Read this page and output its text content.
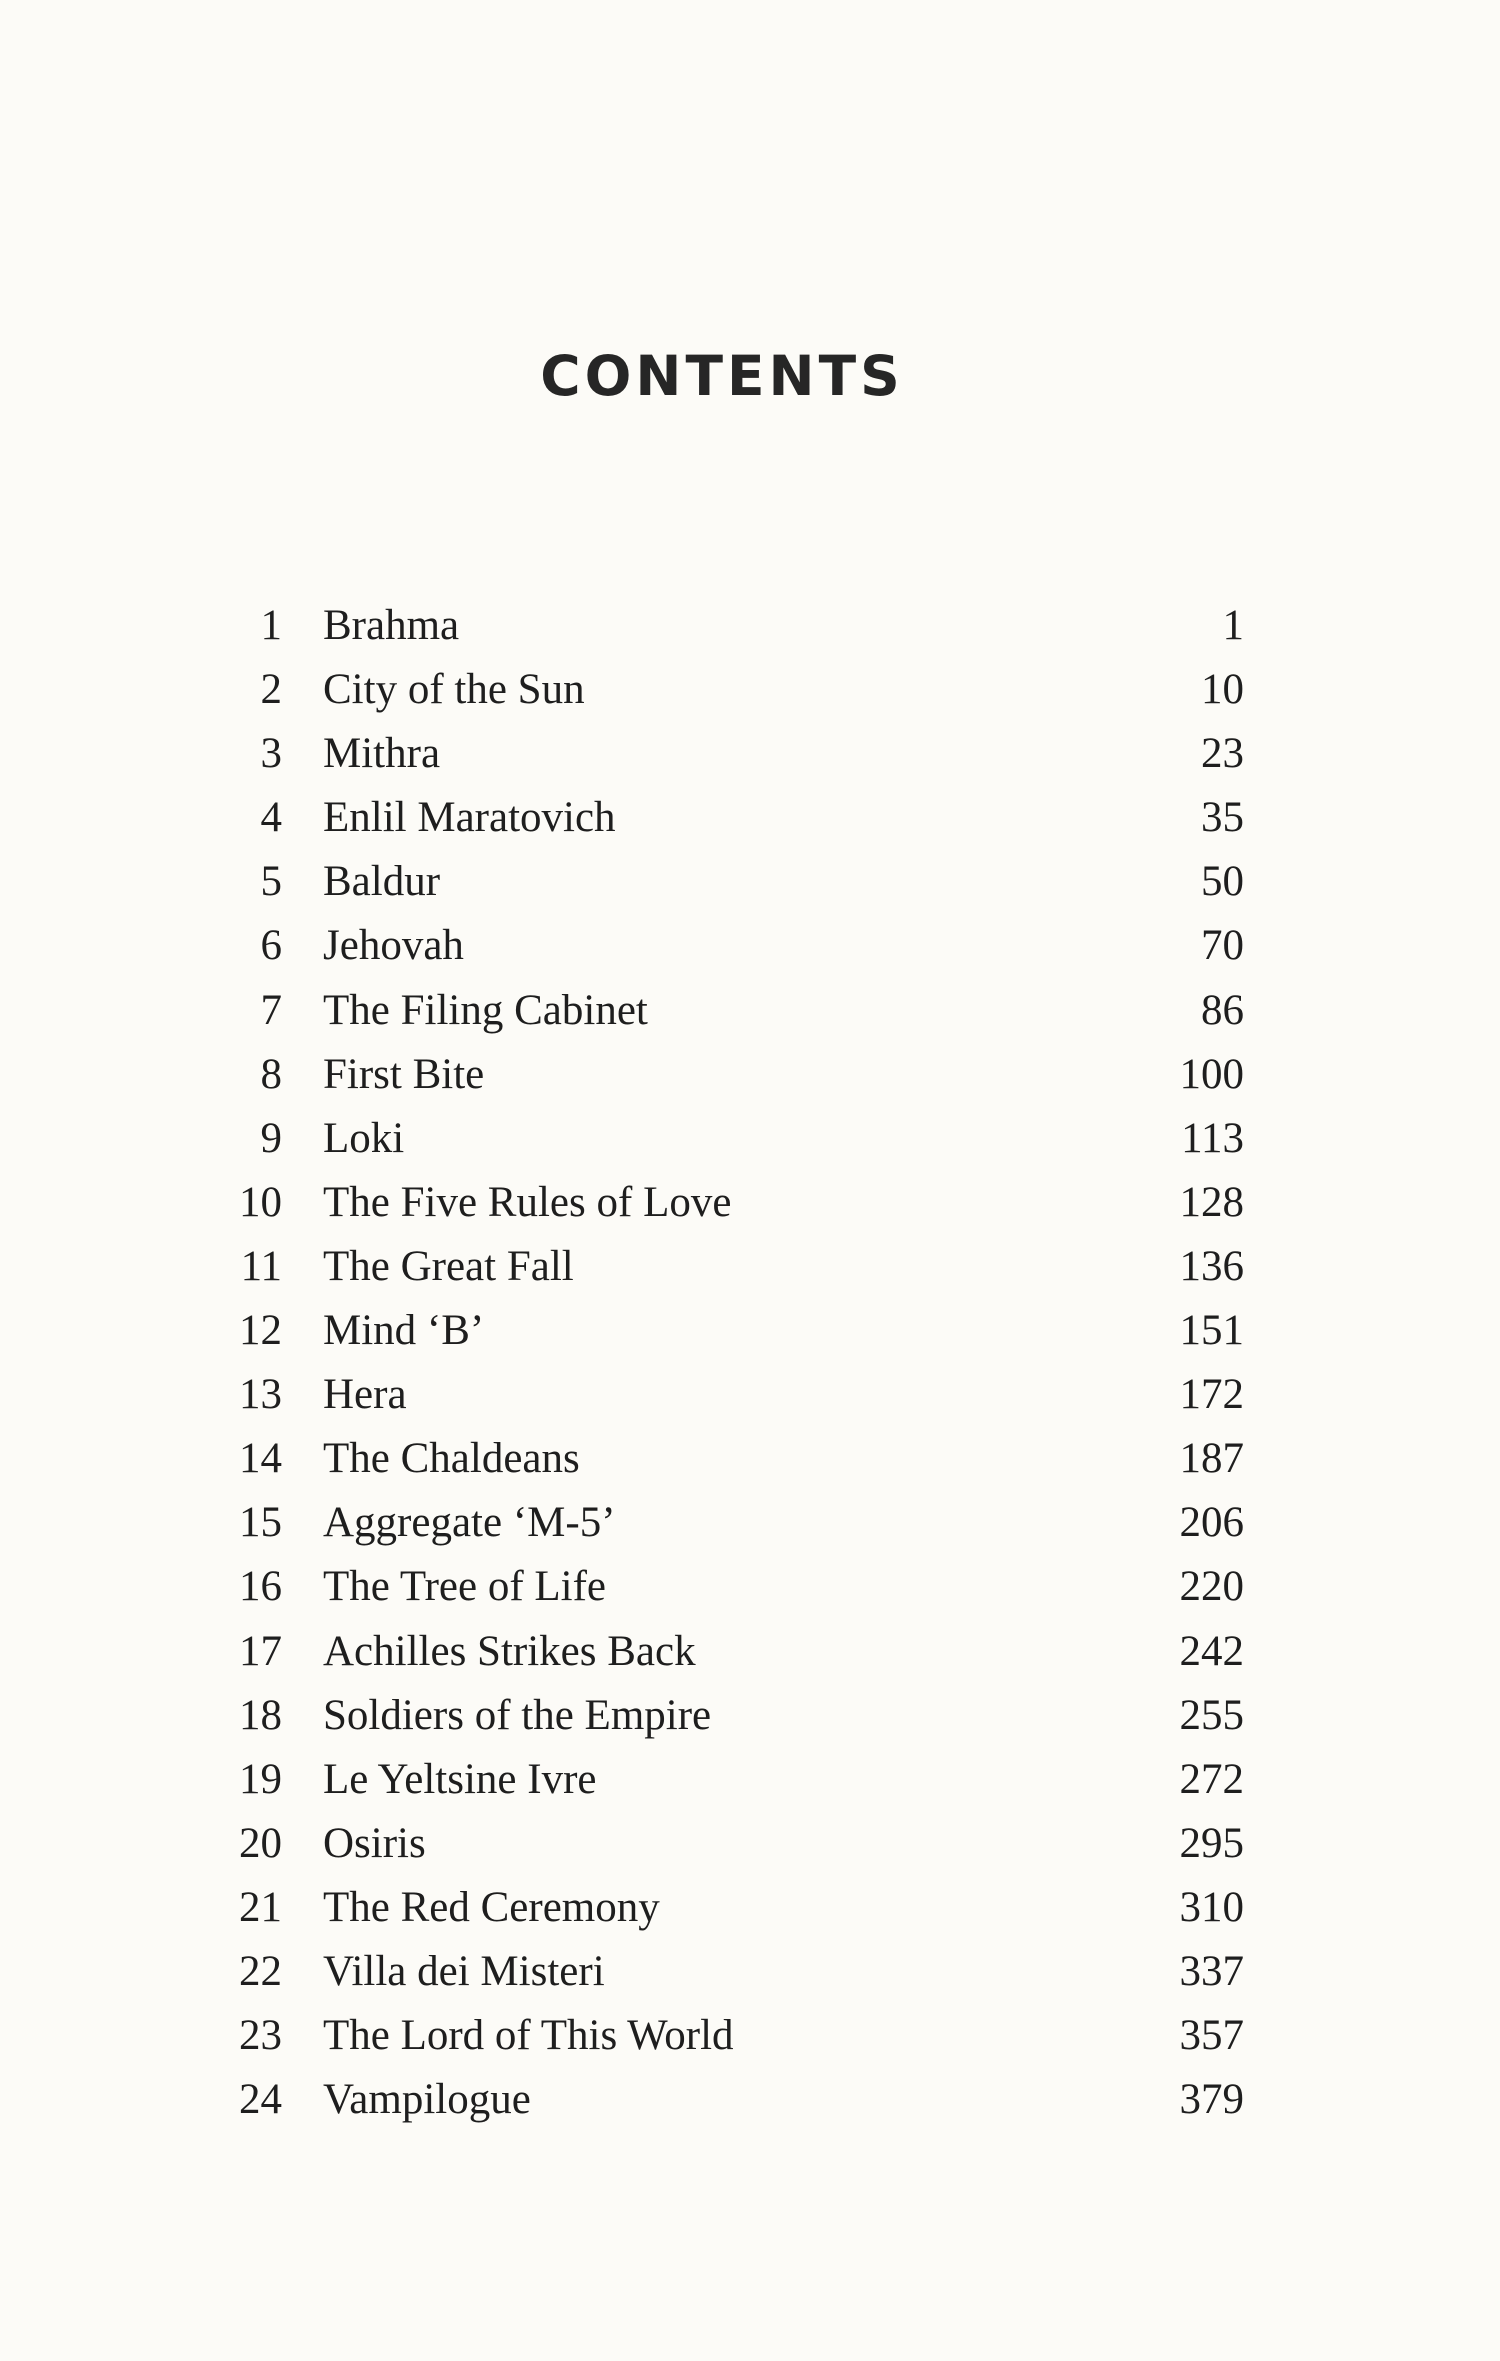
CONTENTS
1 Brahma	1
2 City of the Sun	10
3 Mithra	23
4 Enlil Maratovich	35
5 Baldur	50
6 Jehovah	70
7 The Filing Cabinet	86
8 First Bite	100
9 Loki	113
10 The Five Rules of Love	128
11 The Great Fall	136
12 Mind ‘B’	151
13 Hera	172
14 The Chaldeans	187
15 Aggregate ‘M-5’	206
16 The Tree of Life	220
17 Achilles Strikes Back	242
18 Soldiers of the Empire	255
19 Le Yeltsine Ivre	272
20 Osiris	295
21 The Red Ceremony	310
22 Villa dei Misteri	337
23 The Lord of This World	357
24 Vampilogue	379
